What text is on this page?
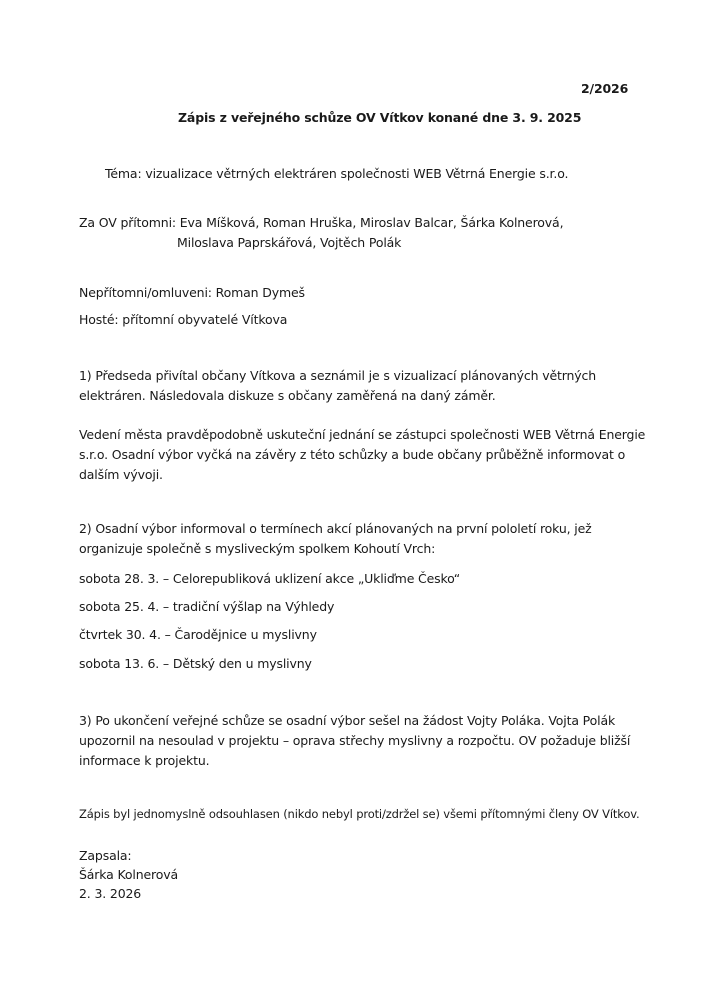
2/2026
Zápis z veřejného schůze OV Vítkov konané dne 3. 9. 2025
Téma: vizualizace větrných elektráren společnosti WEB Větrná Energie s.r.o.
Za OV přítomni: Eva Míšková, Roman Hruška, Miroslav Balcar, Šárka Kolnerová,
Miloslava Paprskářová, Vojtěch Polák
Nepřítomni/omluveni: Roman Dymeš
Hosté: přítomní obyvatelé Vítkova
1) Předseda přivítal občany Vítkova a seznámil je s vizualizací plánovaných větrných
elektráren. Následovala diskuze s občany zaměřená na daný záměr.
Vedení města pravděpodobně uskuteční jednání se zástupci společnosti WEB Větrná Energie
s.r.o. Osadní výbor vyčká na závěry z této schůzky a bude občany průběžně informovat o
dalším vývoji.
2) Osadní výbor informoval o termínech akcí plánovaných na první pololetí roku, jež
organizuje společně s mysliveckým spolkem Kohoutí Vrch:
sobota 28. 3. – Celorepubliková uklizení akce „Ukliďme Česko“
sobota 25. 4. – tradiční výšlap na Výhledy
čtvrtek 30. 4. – Čarodějnice u myslivny
sobota 13. 6. – Dětský den u myslivny
3) Po ukončení veřejné schůze se osadní výbor sešel na žádost Vojty Poláka. Vojta Polák
upozornil na nesoulad v projektu – oprava střechy myslivny a rozpočtu. OV požaduje bližší
informace k projektu.
Zápis byl jednomyslně odsouhlasen (nikdo nebyl proti/zdržel se) všemi přítomnými členy OV Vítkov.
Zapsala:
Šárka Kolnerová
2. 3. 2026
